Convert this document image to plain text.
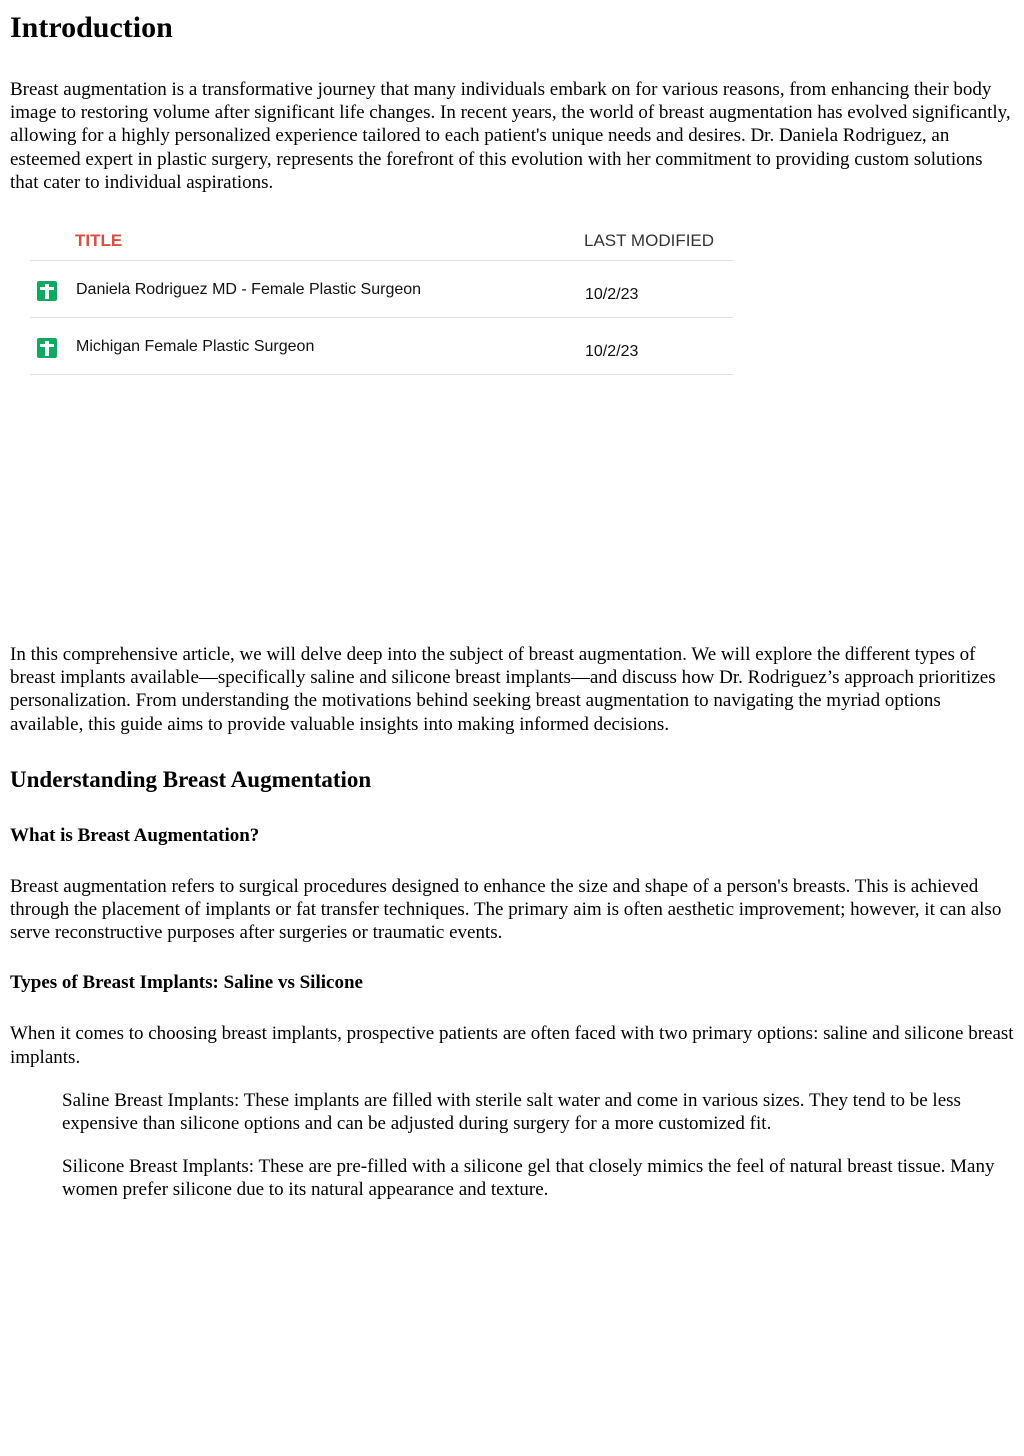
Introduction

Breast augmentation is a transformative journey that many individuals embark on for various reasons, from enhancing their body image to restoring volume after significant life changes. In recent years, the world of breast augmentation has evolved significantly, allowing for a highly personalized experience tailored to each patient's unique needs and desires. Dr. Daniela Rodriguez, an esteemed expert in plastic surgery, represents the forefront of this evolution with her commitment to providing custom solutions that cater to individual aspirations.

TITLE	LAST MODIFIED
Daniela Rodriguez MD - Female Plastic Surgeon	10/2/23
Michigan Female Plastic Surgeon	10/2/23

In this comprehensive article, we will delve deep into the subject of breast augmentation. We will explore the different types of breast implants available—specifically saline and silicone breast implants—and discuss how Dr. Rodriguez’s approach prioritizes personalization. From understanding the motivations behind seeking breast augmentation to navigating the myriad options available, this guide aims to provide valuable insights into making informed decisions.

Understanding Breast Augmentation
What is Breast Augmentation?

Breast augmentation refers to surgical procedures designed to enhance the size and shape of a person's breasts. This is achieved through the placement of implants or fat transfer techniques. The primary aim is often aesthetic improvement; however, it can also serve reconstructive purposes after surgeries or traumatic events.

Types of Breast Implants: Saline vs Silicone

When it comes to choosing breast implants, prospective patients are often faced with two primary options: saline and silicone breast implants.

Saline Breast Implants: These implants are filled with sterile salt water and come in various sizes. They tend to be less expensive than silicone options and can be adjusted during surgery for a more customized fit.
Silicone Breast Implants: These are pre-filled with a silicone gel that closely mimics the feel of natural breast tissue. Many women prefer silicone due to its natural appearance and texture.
